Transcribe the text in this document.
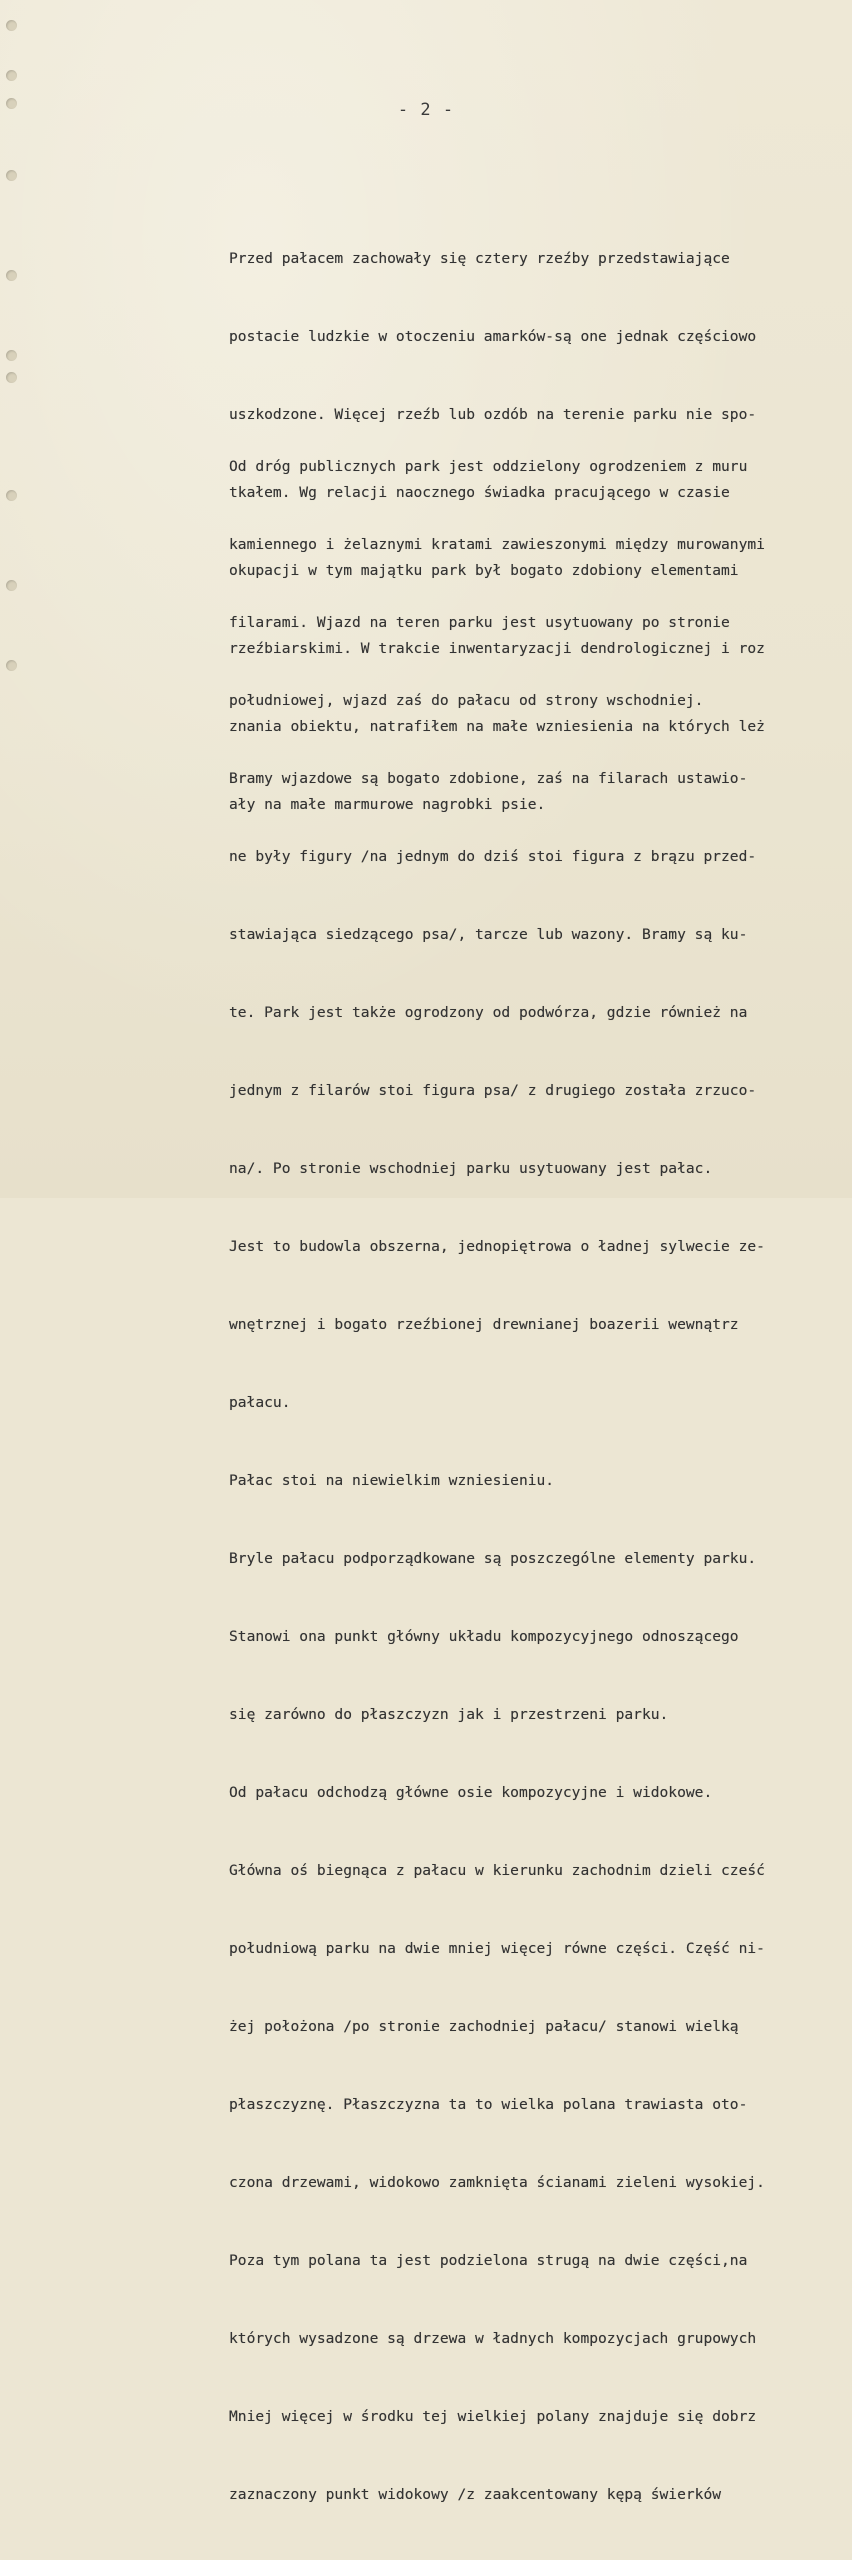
- 2 -

Przed pałacem zachowały się cztery rzeźby przedstawiające

postacie ludzkie w otoczeniu amarków-są one jednak częściowo

uszkodzone. Więcej rzeźb lub ozdób na terenie parku nie spo-

tkałem. Wg relacji naocznego świadka pracującego w czasie

okupacji w tym majątku park był bogato zdobiony elementami

rzeźbiarskimi. W trakcie inwentaryzacji dendrologicznej i roz

znania obiektu, natrafiłem na małe wzniesienia na których leż

ały na małe marmurowe nagrobki psie.

Od dróg publicznych park jest oddzielony ogrodzeniem z muru

kamiennego i żelaznymi kratami zawieszonymi między murowanymi

filarami. Wjazd na teren parku jest usytuowany po stronie

południowej, wjazd zaś do pałacu od strony wschodniej.

Bramy wjazdowe są bogato zdobione, zaś na filarach ustawio-

ne były figury /na jednym do dziś stoi figura z brązu przed-

stawiająca siedzącego psa/, tarcze lub wazony. Bramy są ku-

te. Park jest także ogrodzony od podwórza, gdzie również na

jednym z filarów stoi figura psa/ z drugiego została zrzuco-

na/. Po stronie wschodniej parku usytuowany jest pałac.

Jest to budowla obszerna, jednopiętrowa o ładnej sylwecie ze-

wnętrznej i bogato rzeźbionej drewnianej boazerii wewnątrz

pałacu.

Pałac stoi na niewielkim wzniesieniu.

Bryle pałacu podporządkowane są poszczególne elementy parku.

Stanowi ona punkt główny układu kompozycyjnego odnoszącego

się zarówno do płaszczyzn jak i przestrzeni parku.

Od pałacu odchodzą główne osie kompozycyjne i widokowe.

Główna oś biegnąca z pałacu w kierunku zachodnim dzieli cześć

południową parku na dwie mniej więcej równe części. Część ni-

żej położona /po stronie zachodniej pałacu/ stanowi wielką

płaszczyznę. Płaszczyzna ta to wielka polana trawiasta oto-

czona drzewami, widokowo zamknięta ścianami zieleni wysokiej.

Poza tym polana ta jest podzielona strugą na dwie części,na

których wysadzone są drzewa w ładnych kompozycjach grupowych

Mniej więcej w środku tej wielkiej polany znajduje się dobrz

zaznaczony punkt widokowy /z zaakcentowany kępą świerków
